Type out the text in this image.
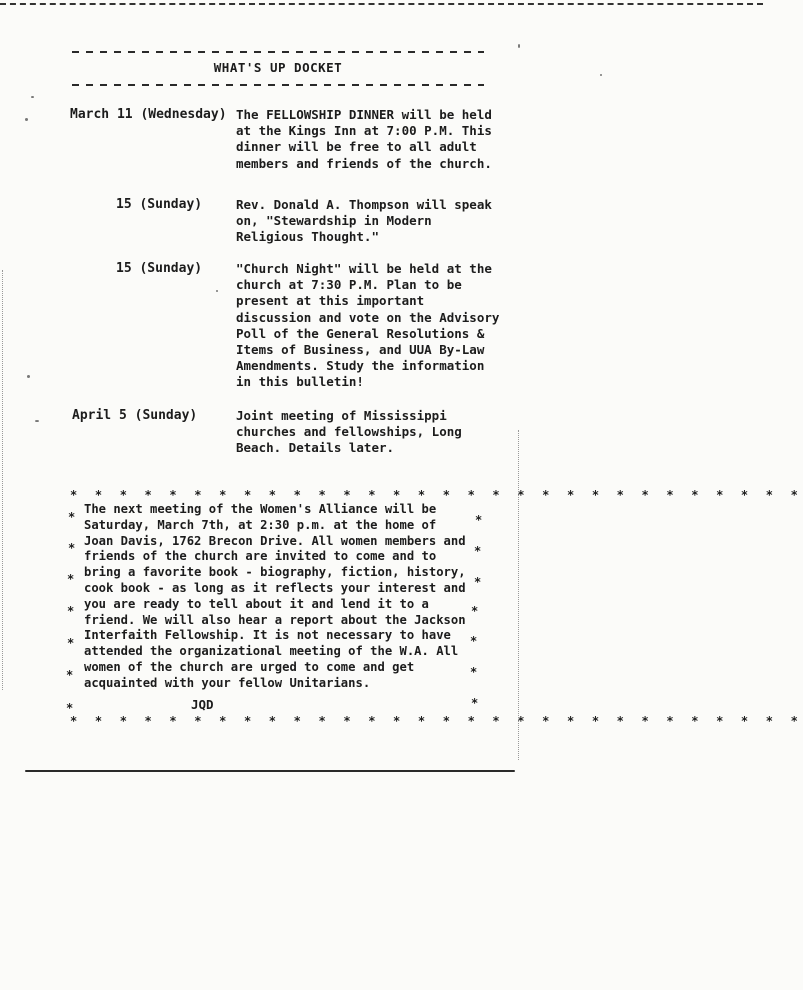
WHAT'S UP DOCKET
March 11 (Wednesday) The FELLOWSHIP DINNER will be held at the Kings Inn at 7:00 P.M. This dinner will be free to all adult members and friends of the church.
15 (Sunday)	Rev. Donald A. Thompson will speak on, "Stewardship in Modern Religious Thought."
15 (Sunday)	"Church Night" will be held at the church at 7:30 P.M. Plan to be present at this important discussion and vote on the Advisory Poll of the General Resolutions & Items of Business, and UUA By-Law Amendments. Study the information in this bulletin!
April 5 (Sunday)	Joint meeting of Mississippi churches and fellowships, Long Beach. Details later.
* * * * * * * * * * * * * * * * * * * * * * * * * * * * * *
The next meeting of the Women's Alliance will be Saturday, March 7th, at 2:30 p.m. at the home of Joan Davis, 1762 Brecon Drive. All women members and friends of the church are invited to come and to bring a favorite book - biography, fiction, history, cook book - as long as it reflects your interest and you are ready to tell about it and lend it to a friend. We will also hear a report about the Jackson Interfaith Fellowship. It is not necessary to have attended the organizational meeting of the W.A. All women of the church are urged to come and get acquainted with your fellow Unitarians.
JQD
* * * * * * * * * * * * * * * * * * * * * * * * * * * * * *
*
*
*
*
*
*
*
*
*
*
*
*
*
*
